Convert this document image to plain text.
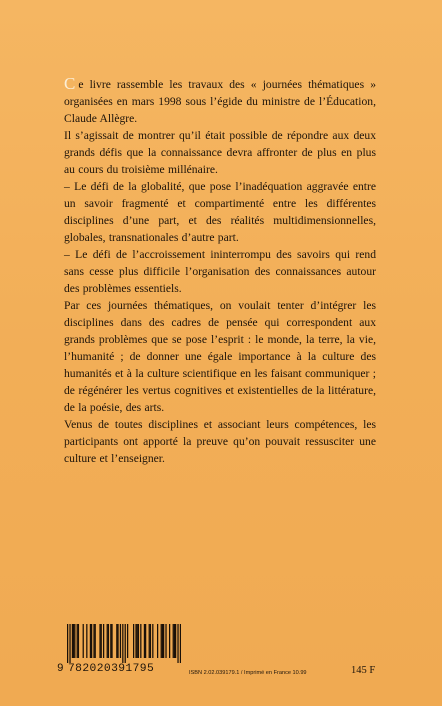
C e livre rassemble les travaux des « journées thématiques » organisées en mars 1998 sous l’égide du ministre de l’Éducation, Claude Allègre.

Il s’agissait de montrer qu’il était possible de répondre aux deux grands défis que la connaissance devra affronter de plus en plus au cours du troisième millénaire.

– Le défi de la globalité, que pose l’inadéquation aggravée entre un savoir fragmenté et compartimenté entre les différentes disciplines d’une part, et des réalités multidimensionnelles, globales, transnationales d’autre part.

– Le défi de l’accroissement ininterrompu des savoirs qui rend sans cesse plus difficile l’organisation des connaissances autour des problèmes essentiels.

Par ces journées thématiques, on voulait tenter d’intégrer les disciplines dans des cadres de pensée qui correspondent aux grands problèmes que se pose l’esprit : le monde, la terre, la vie, l’humanité ; de donner une égale importance à la culture des humanités et à la culture scientifique en les faisant communiquer ; de régénérer les vertus cognitives et existentielles de la littérature, de la poésie, des arts.

Venus de toutes disciplines et associant leurs compétences, les participants ont apporté la preuve qu’on pouvait ressusciter une culture et l’enseigner.

9 782020391795	ISBN 2.02.039179.1 / Imprimé en France 10.99	145 F
